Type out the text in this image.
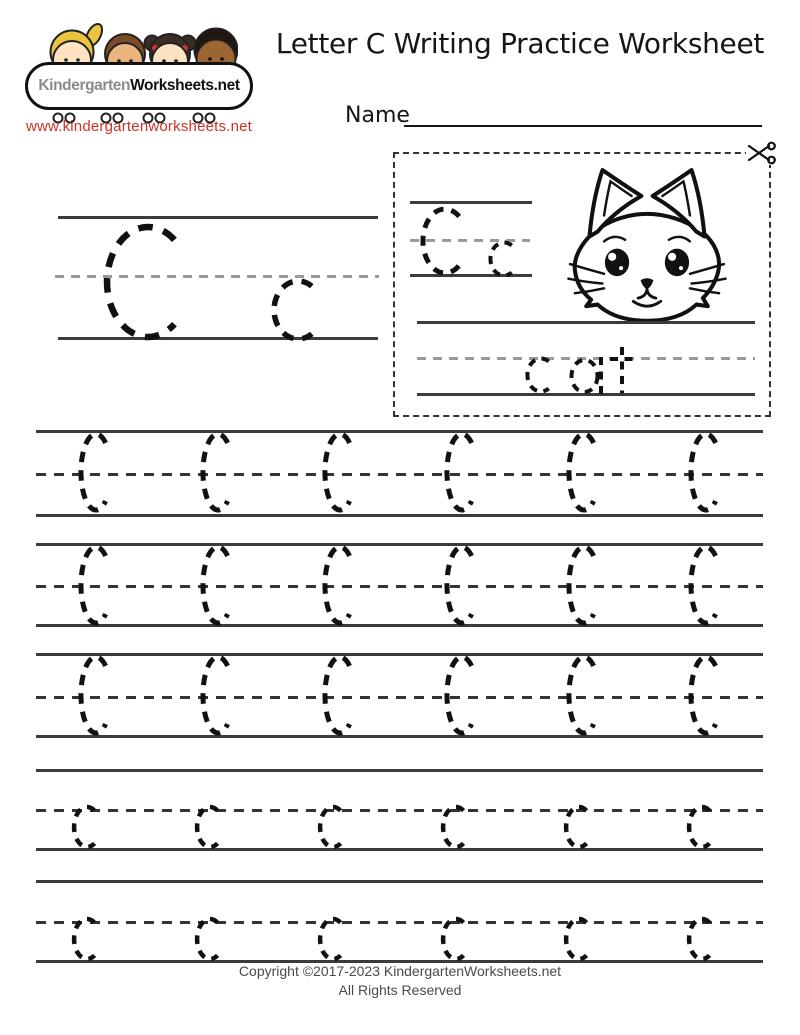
Kindergarten Worksheets.net
www.kindergartenworksheets.net
Letter C Writing Practice Worksheet
Name
Copyright ©2017-2023 KindergartenWorksheets.net
All Rights Reserved
